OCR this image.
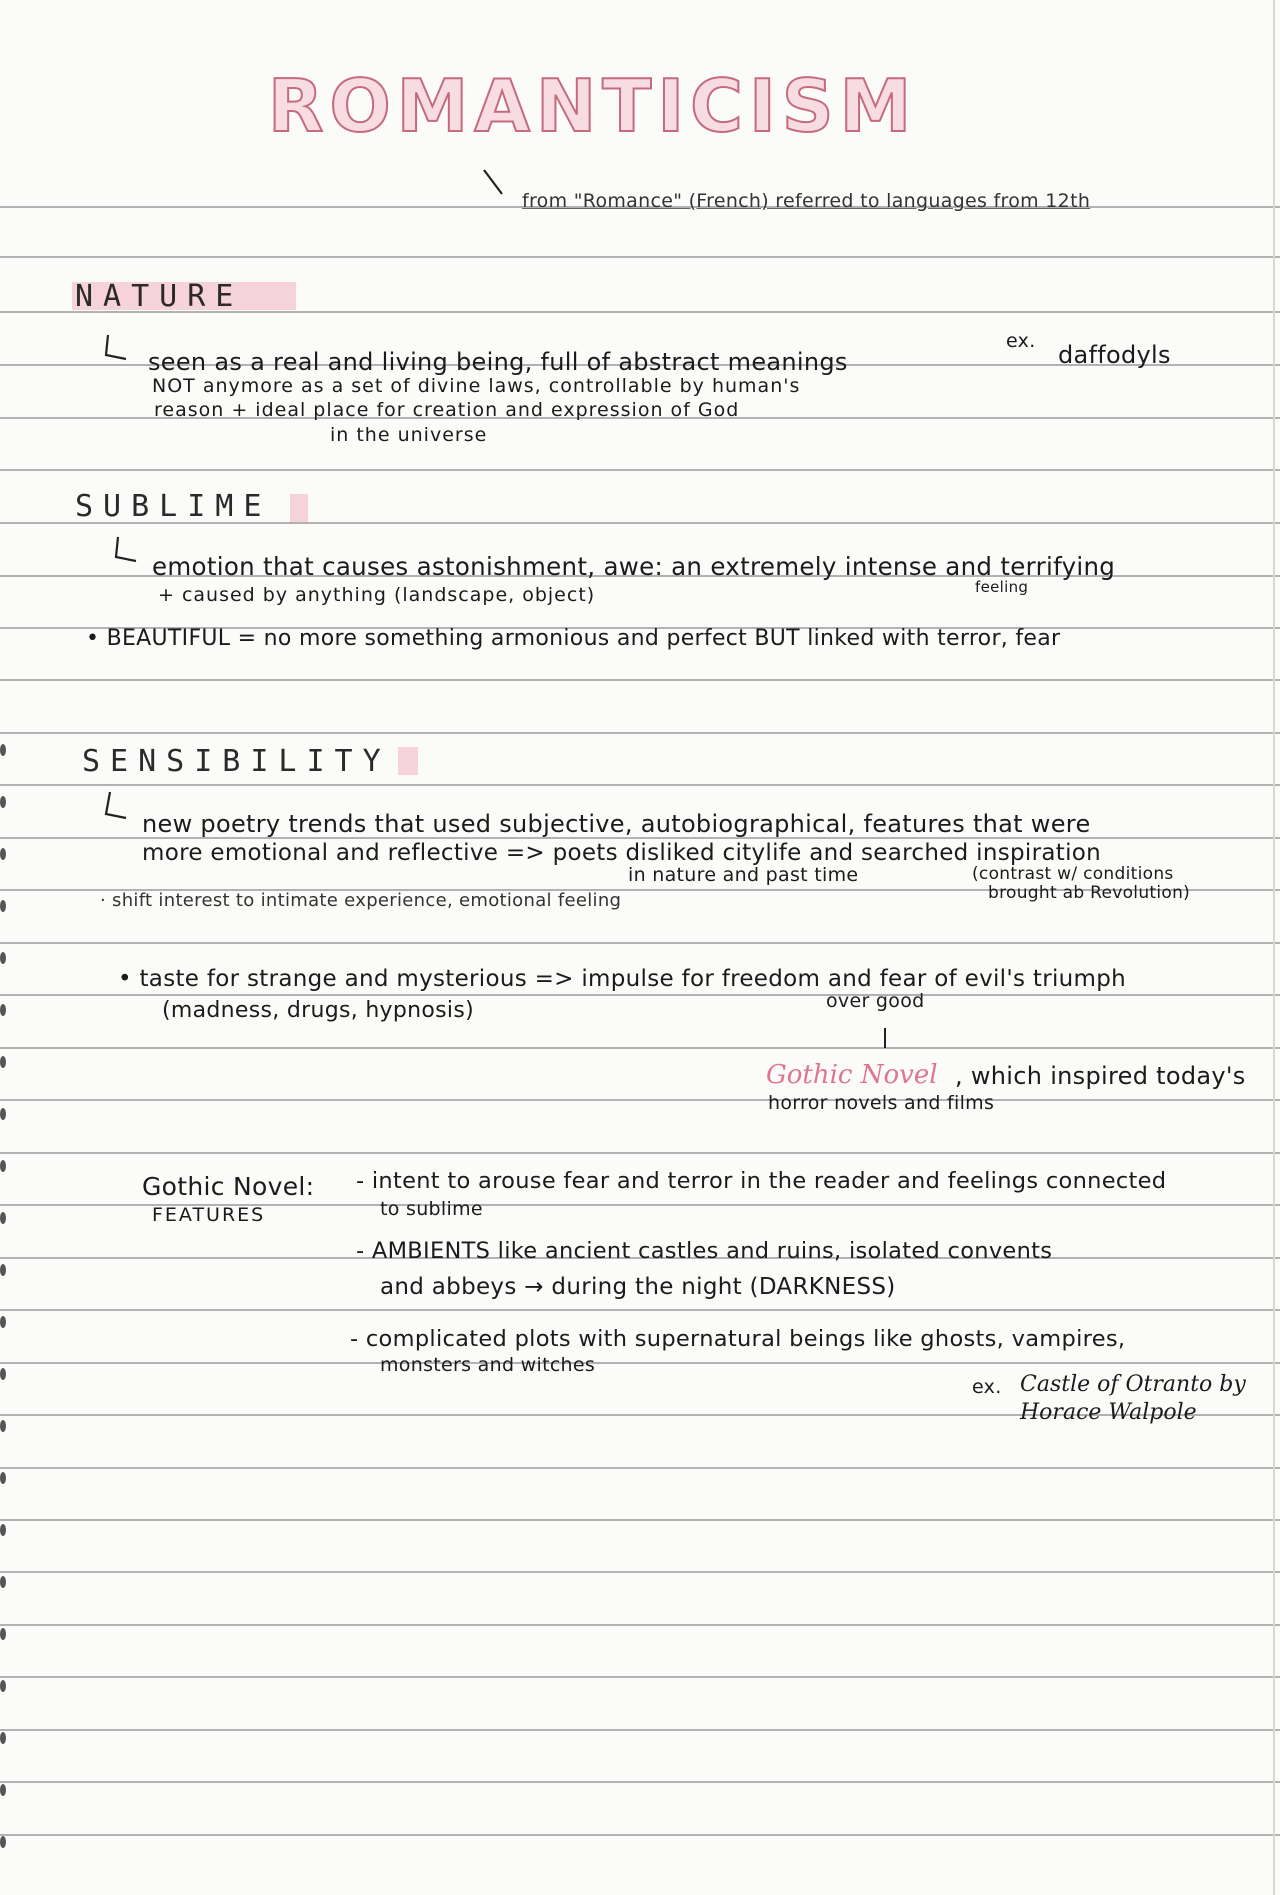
ROMANTICISM
from "Romance" (French) referred to languages from 12th
NATURE
seen as a real and living being, full of abstract meanings
NOT anymore as a set of divine laws, controllable by human's
reason + ideal place for creation and expression of God
in the universe
ex. daffodyls
SUBLIME
emotion that causes astonishment, awe: an extremely intense and terrifying
feeling
+ caused by anything (landscape, object)
• BEAUTIFUL = no more something armonious and perfect BUT linked with terror, fear
SENSIBILITY
new poetry trends that used subjective, autobiographical, features that were
more emotional and reflective => poets disliked citylife and searched inspiration
in nature and past time	(contrast w/ conditions
brought ab Revolution)
· shift interest to intimate experience, emotional feeling
• taste for strange and mysterious => impulse for freedom and fear of evil's triumph
(madness, drugs, hypnosis)	over good
Gothic Novel , which inspired today's
horror novels and films
Gothic Novel:
FEATURES
- intent to arouse fear and terror in the reader and feelings connected
to sublime
- AMBIENTS like ancient castles and ruins, isolated convents
and abbeys → during the night (DARKNESS)
- complicated plots with supernatural beings like ghosts, vampires,
monsters and witches
ex. Castle of Otranto by
Horace Walpole
